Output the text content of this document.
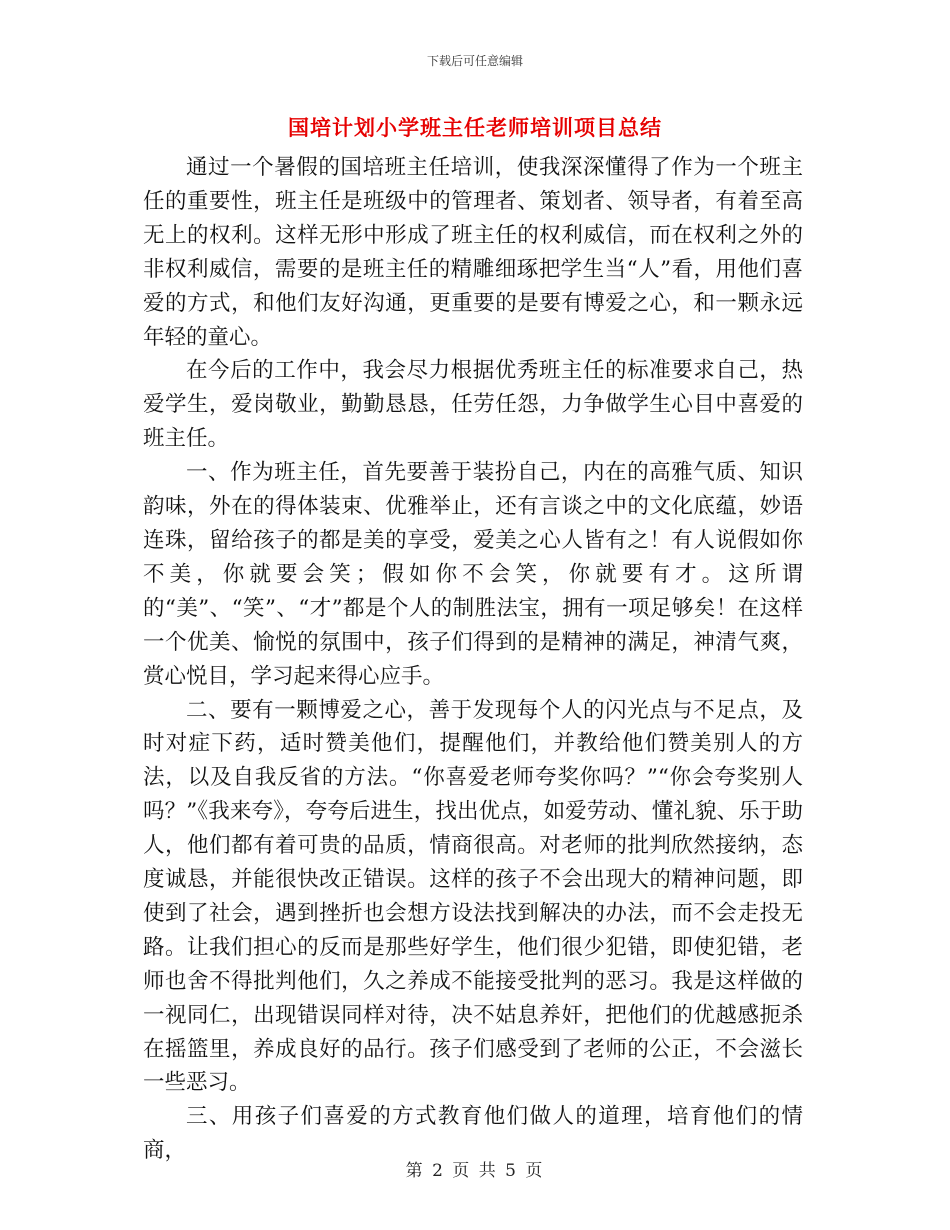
下载后可任意编辑
国培计划小学班主任老师培训项目总结

通过一个暑假的国培班主任培训，使我深深懂得了作为一个班主任的重要性，班主任是班级中的管理者、策划者、领导者，有着至高无上的权利。这样无形中形成了班主任的权利威信，而在权利之外的非权利威信，需要的是班主任的精雕细琢把学生当“人”看，用他们喜爱的方式，和他们友好沟通，更重要的是要有博爱之心，和一颗永远年轻的童心。

在今后的工作中，我会尽力根据优秀班主任的标准要求自己，热爱学生，爱岗敬业，勤勤恳恳，任劳任怨，力争做学生心目中喜爱的班主任。

一、作为班主任，首先要善于装扮自己，内在的高雅气质、知识韵味，外在的得体装束、优雅举止，还有言谈之中的文化底蕴，妙语连珠，留给孩子的都是美的享受，爱美之心人皆有之！有人说假如你不美，你就要会笑；假如你不会笑，你就要有才。这所谓的“美”、“笑”、“才”都是个人的制胜法宝，拥有一项足够矣！在这样一个优美、愉悦的氛围中，孩子们得到的是精神的满足，神清气爽，赏心悦目，学习起来得心应手。

二、要有一颗博爱之心，善于发现每个人的闪光点与不足点，及时对症下药，适时赞美他们，提醒他们，并教给他们赞美别人的方法，以及自我反省的方法。“你喜爱老师夸奖你吗？”“你会夸奖别人吗？”《我来夸》，夸夸后进生，找出优点，如爱劳动、懂礼貌、乐于助人，他们都有着可贵的品质，情商很高。对老师的批判欣然接纳，态度诚恳，并能很快改正错误。这样的孩子不会出现大的精神问题，即使到了社会，遇到挫折也会想方设法找到解决的办法，而不会走投无路。让我们担心的反而是那些好学生，他们很少犯错，即使犯错，老师也舍不得批判他们，久之养成不能接受批判的恶习。我是这样做的一视同仁，出现错误同样对待，决不姑息养奸，把他们的优越感扼杀在摇篮里，养成良好的品行。孩子们感受到了老师的公正，不会滋长一些恶习。

三、用孩子们喜爱的方式教育他们做人的道理，培育他们的情商，

第 2 页 共 5 页
